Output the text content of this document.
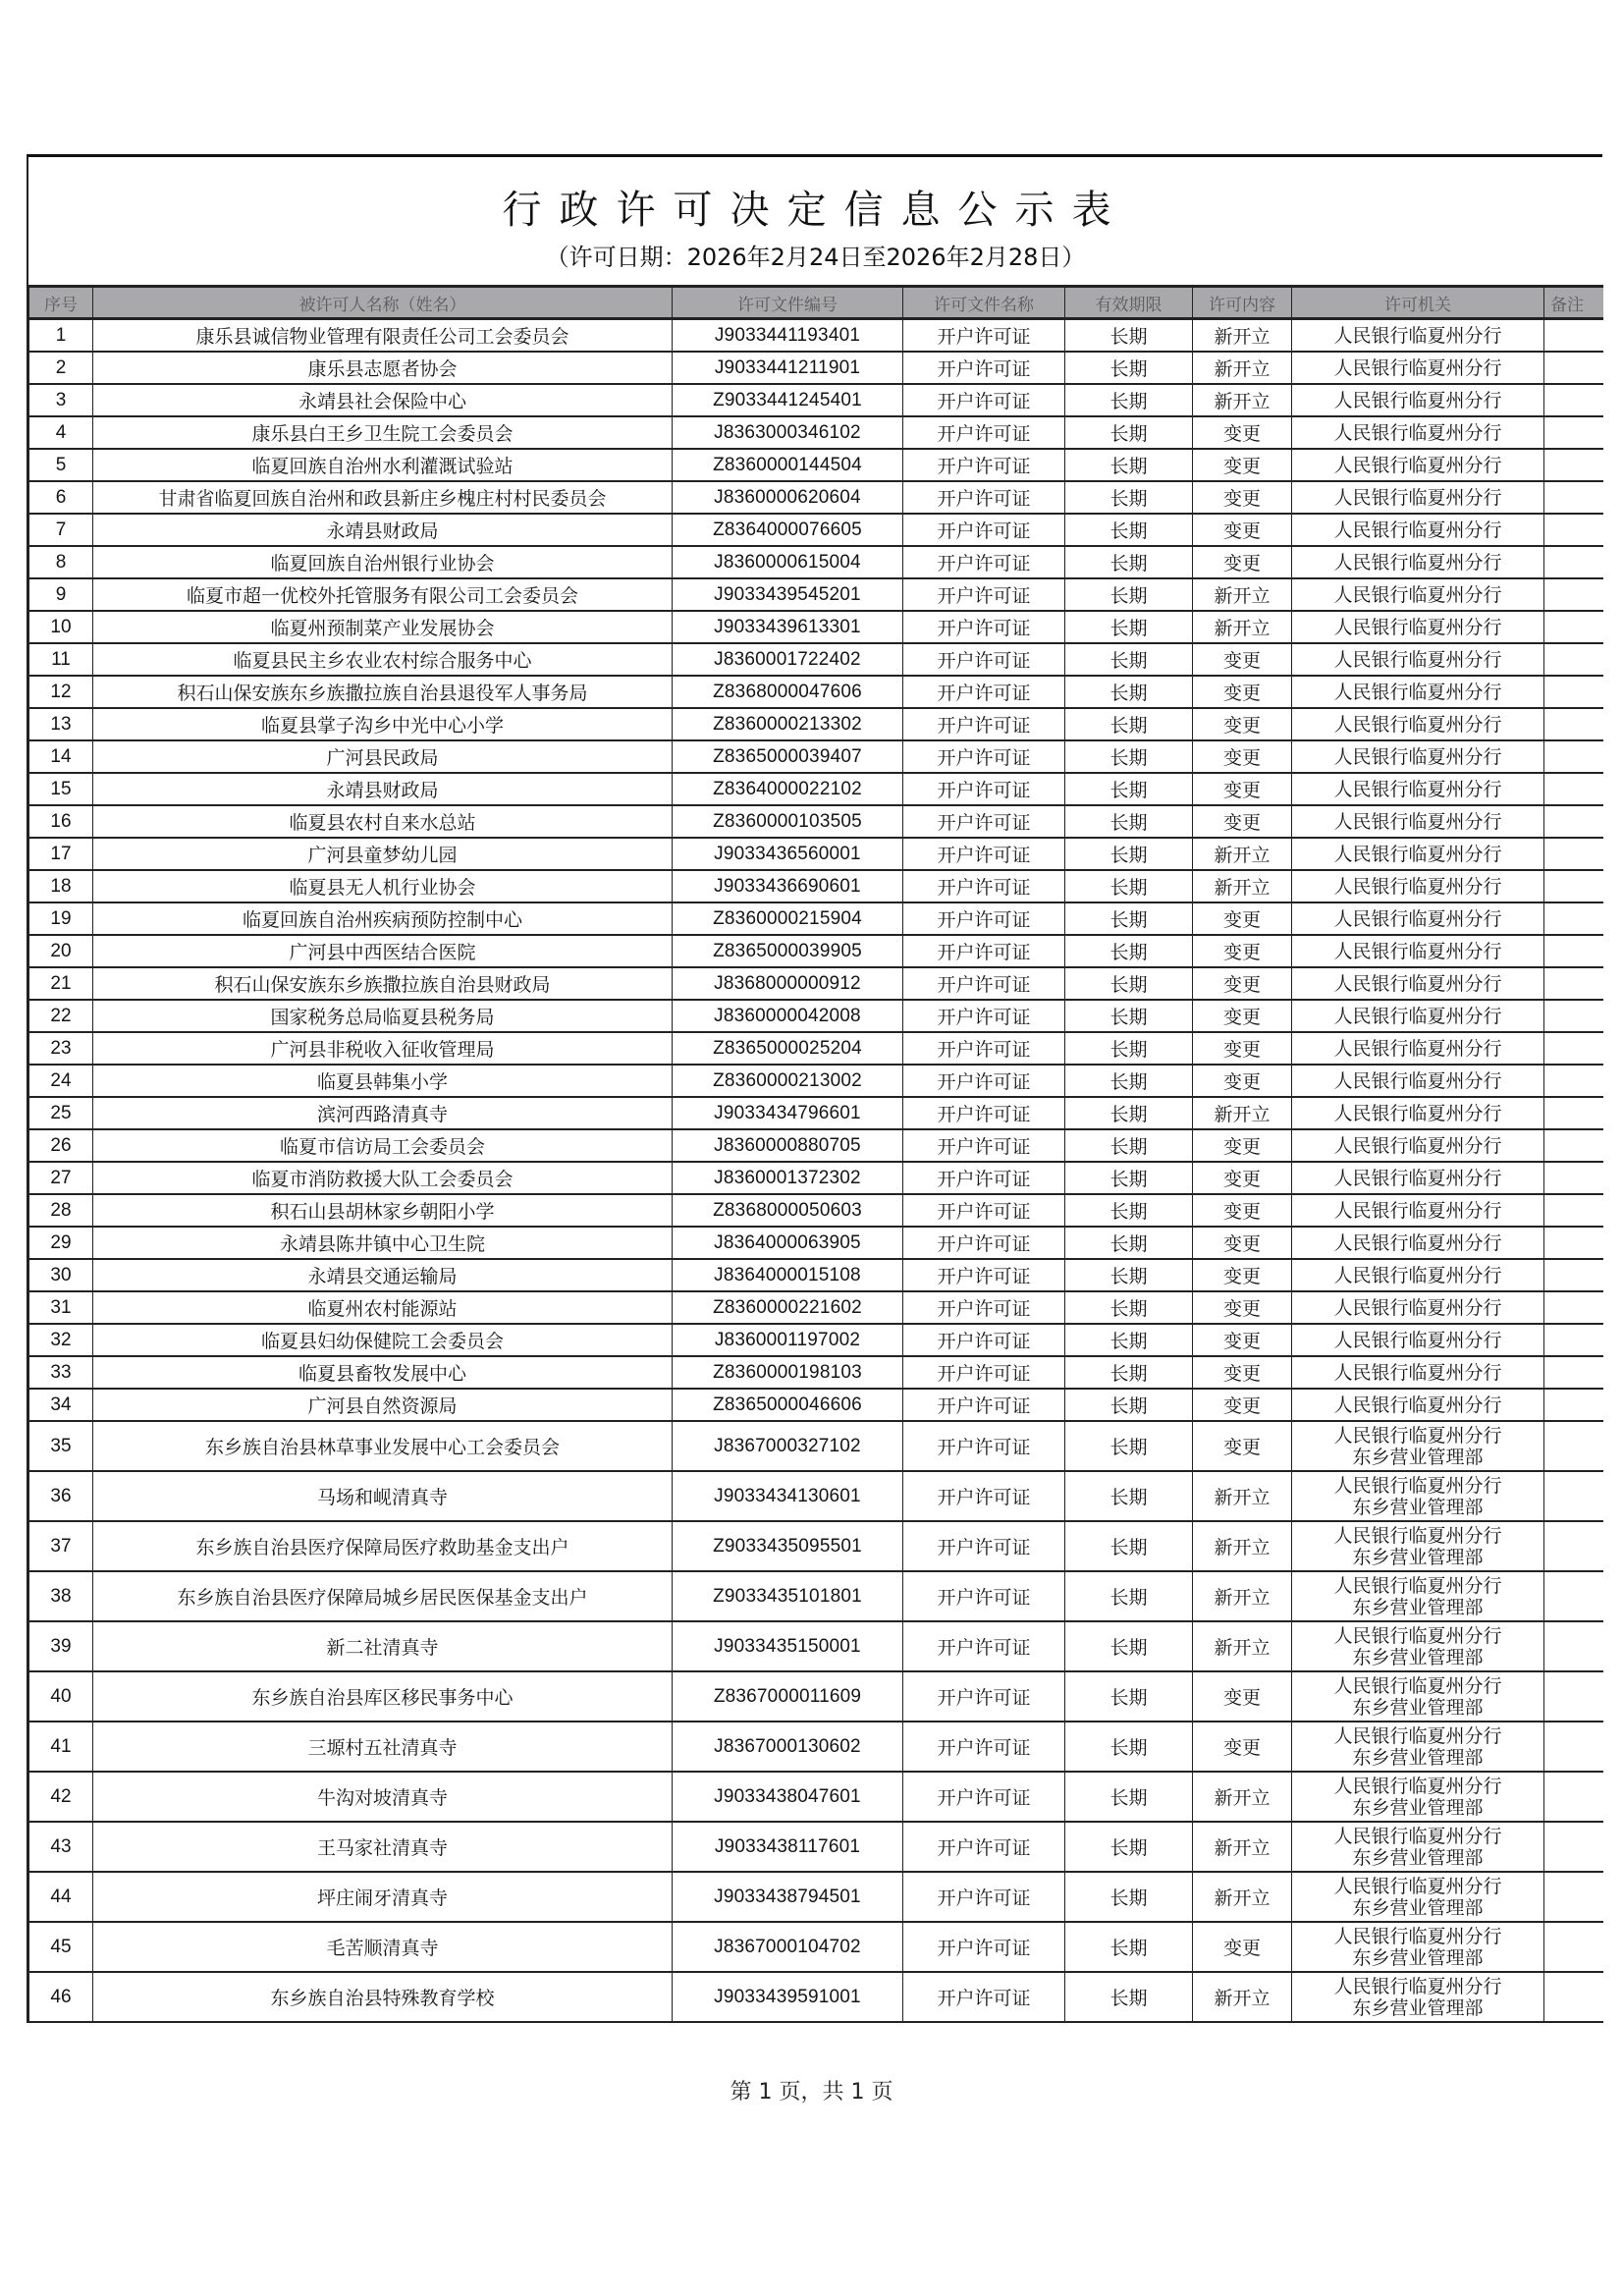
行政许可决定信息公示表
（许可日期：2026年2月24日至2026年2月28日）
序号	被许可人名称（姓名）	许可文件编号	许可文件名称	有效期限	许可内容	许可机关	备注
1	康乐县诚信物业管理有限责任公司工会委员会	J9033441193401	开户许可证	长期	新开立	人民银行临夏州分行	

2	康乐县志愿者协会	J9033441211901	开户许可证	长期	新开立	人民银行临夏州分行	

3	永靖县社会保险中心	Z9033441245401	开户许可证	长期	新开立	人民银行临夏州分行	

4	康乐县白王乡卫生院工会委员会	J8363000346102	开户许可证	长期	变更	人民银行临夏州分行	

5	临夏回族自治州水利灌溉试验站	Z8360000144504	开户许可证	长期	变更	人民银行临夏州分行	

6	甘肃省临夏回族自治州和政县新庄乡槐庄村村民委员会	J8360000620604	开户许可证	长期	变更	人民银行临夏州分行	

7	永靖县财政局	Z8364000076605	开户许可证	长期	变更	人民银行临夏州分行	

8	临夏回族自治州银行业协会	J8360000615004	开户许可证	长期	变更	人民银行临夏州分行	

9	临夏市超一优校外托管服务有限公司工会委员会	J9033439545201	开户许可证	长期	新开立	人民银行临夏州分行	

10	临夏州预制菜产业发展协会	J9033439613301	开户许可证	长期	新开立	人民银行临夏州分行	

11	临夏县民主乡农业农村综合服务中心	J8360001722402	开户许可证	长期	变更	人民银行临夏州分行	

12	积石山保安族东乡族撒拉族自治县退役军人事务局	Z8368000047606	开户许可证	长期	变更	人民银行临夏州分行	

13	临夏县掌子沟乡中光中心小学	Z8360000213302	开户许可证	长期	变更	人民银行临夏州分行	

14	广河县民政局	Z8365000039407	开户许可证	长期	变更	人民银行临夏州分行	

15	永靖县财政局	Z8364000022102	开户许可证	长期	变更	人民银行临夏州分行	

16	临夏县农村自来水总站	Z8360000103505	开户许可证	长期	变更	人民银行临夏州分行	

17	广河县童梦幼儿园	J9033436560001	开户许可证	长期	新开立	人民银行临夏州分行	

18	临夏县无人机行业协会	J9033436690601	开户许可证	长期	新开立	人民银行临夏州分行	

19	临夏回族自治州疾病预防控制中心	Z8360000215904	开户许可证	长期	变更	人民银行临夏州分行	

20	广河县中西医结合医院	Z8365000039905	开户许可证	长期	变更	人民银行临夏州分行	

21	积石山保安族东乡族撒拉族自治县财政局	J8368000000912	开户许可证	长期	变更	人民银行临夏州分行	

22	国家税务总局临夏县税务局	J8360000042008	开户许可证	长期	变更	人民银行临夏州分行	

23	广河县非税收入征收管理局	Z8365000025204	开户许可证	长期	变更	人民银行临夏州分行	

24	临夏县韩集小学	Z8360000213002	开户许可证	长期	变更	人民银行临夏州分行	

25	滨河西路清真寺	J9033434796601	开户许可证	长期	新开立	人民银行临夏州分行	

26	临夏市信访局工会委员会	J8360000880705	开户许可证	长期	变更	人民银行临夏州分行	

27	临夏市消防救援大队工会委员会	J8360001372302	开户许可证	长期	变更	人民银行临夏州分行	

28	积石山县胡林家乡朝阳小学	Z8368000050603	开户许可证	长期	变更	人民银行临夏州分行	

29	永靖县陈井镇中心卫生院	J8364000063905	开户许可证	长期	变更	人民银行临夏州分行	

30	永靖县交通运输局	J8364000015108	开户许可证	长期	变更	人民银行临夏州分行	

31	临夏州农村能源站	Z8360000221602	开户许可证	长期	变更	人民银行临夏州分行	

32	临夏县妇幼保健院工会委员会	J8360001197002	开户许可证	长期	变更	人民银行临夏州分行	

33	临夏县畜牧发展中心	Z8360000198103	开户许可证	长期	变更	人民银行临夏州分行	

34	广河县自然资源局	Z8365000046606	开户许可证	长期	变更	人民银行临夏州分行	

35	东乡族自治县林草事业发展中心工会委员会	J8367000327102	开户许可证	长期	变更	人民银行临夏州分行
东乡营业管理部	

36	马场和岘清真寺	J9033434130601	开户许可证	长期	新开立	人民银行临夏州分行
东乡营业管理部	

37	东乡族自治县医疗保障局医疗救助基金支出户	Z9033435095501	开户许可证	长期	新开立	人民银行临夏州分行
东乡营业管理部	

38	东乡族自治县医疗保障局城乡居民医保基金支出户	Z9033435101801	开户许可证	长期	新开立	人民银行临夏州分行
东乡营业管理部	

39	新二社清真寺	J9033435150001	开户许可证	长期	新开立	人民银行临夏州分行
东乡营业管理部	

40	东乡族自治县库区移民事务中心	Z8367000011609	开户许可证	长期	变更	人民银行临夏州分行
东乡营业管理部	

41	三塬村五社清真寺	J8367000130602	开户许可证	长期	变更	人民银行临夏州分行
东乡营业管理部	

42	牛沟对坡清真寺	J9033438047601	开户许可证	长期	新开立	人民银行临夏州分行
东乡营业管理部	

43	王马家社清真寺	J9033438117601	开户许可证	长期	新开立	人民银行临夏州分行
东乡营业管理部	

44	坪庄闹牙清真寺	J9033438794501	开户许可证	长期	新开立	人民银行临夏州分行
东乡营业管理部	

45	毛苦顺清真寺	J8367000104702	开户许可证	长期	变更	人民银行临夏州分行
东乡营业管理部	

46	东乡族自治县特殊教育学校	J9033439591001	开户许可证	长期	新开立	人民银行临夏州分行
东乡营业管理部	

第 1 页，共 1 页
